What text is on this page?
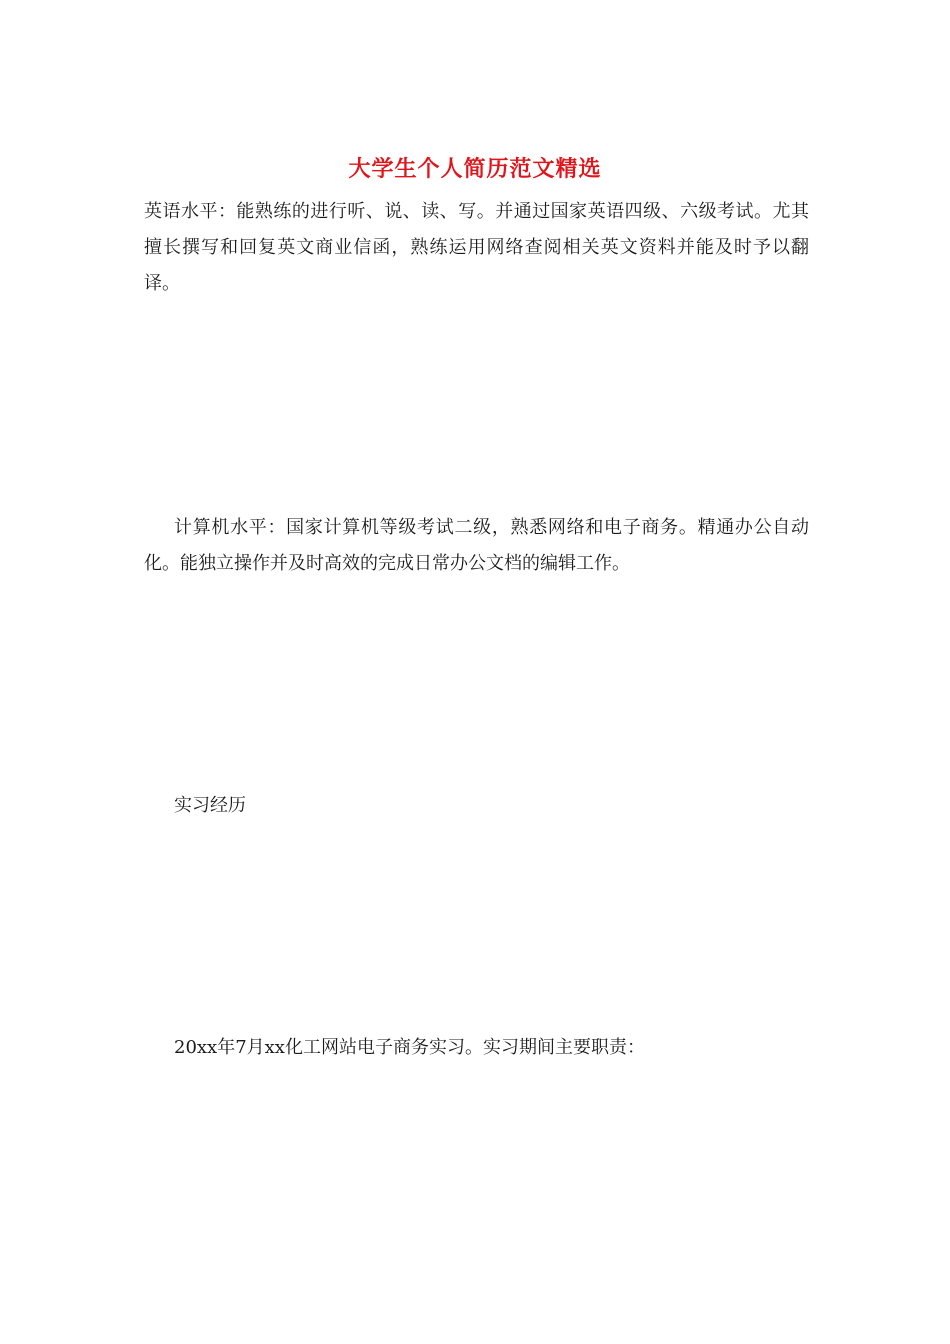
大学生个人简历范文精选

英语水平：能熟练的进行听、说、读、写。并通过国家英语四级、六级考试。尤其擅长撰写和回复英文商业信函，熟练运用网络查阅相关英文资料并能及时予以翻译。

计算机水平：国家计算机等级考试二级，熟悉网络和电子商务。精通办公自动化。能独立操作并及时高效的完成日常办公文档的编辑工作。

实习经历

20xx年7月xx化工网站电子商务实习。实习期间主要职责：
